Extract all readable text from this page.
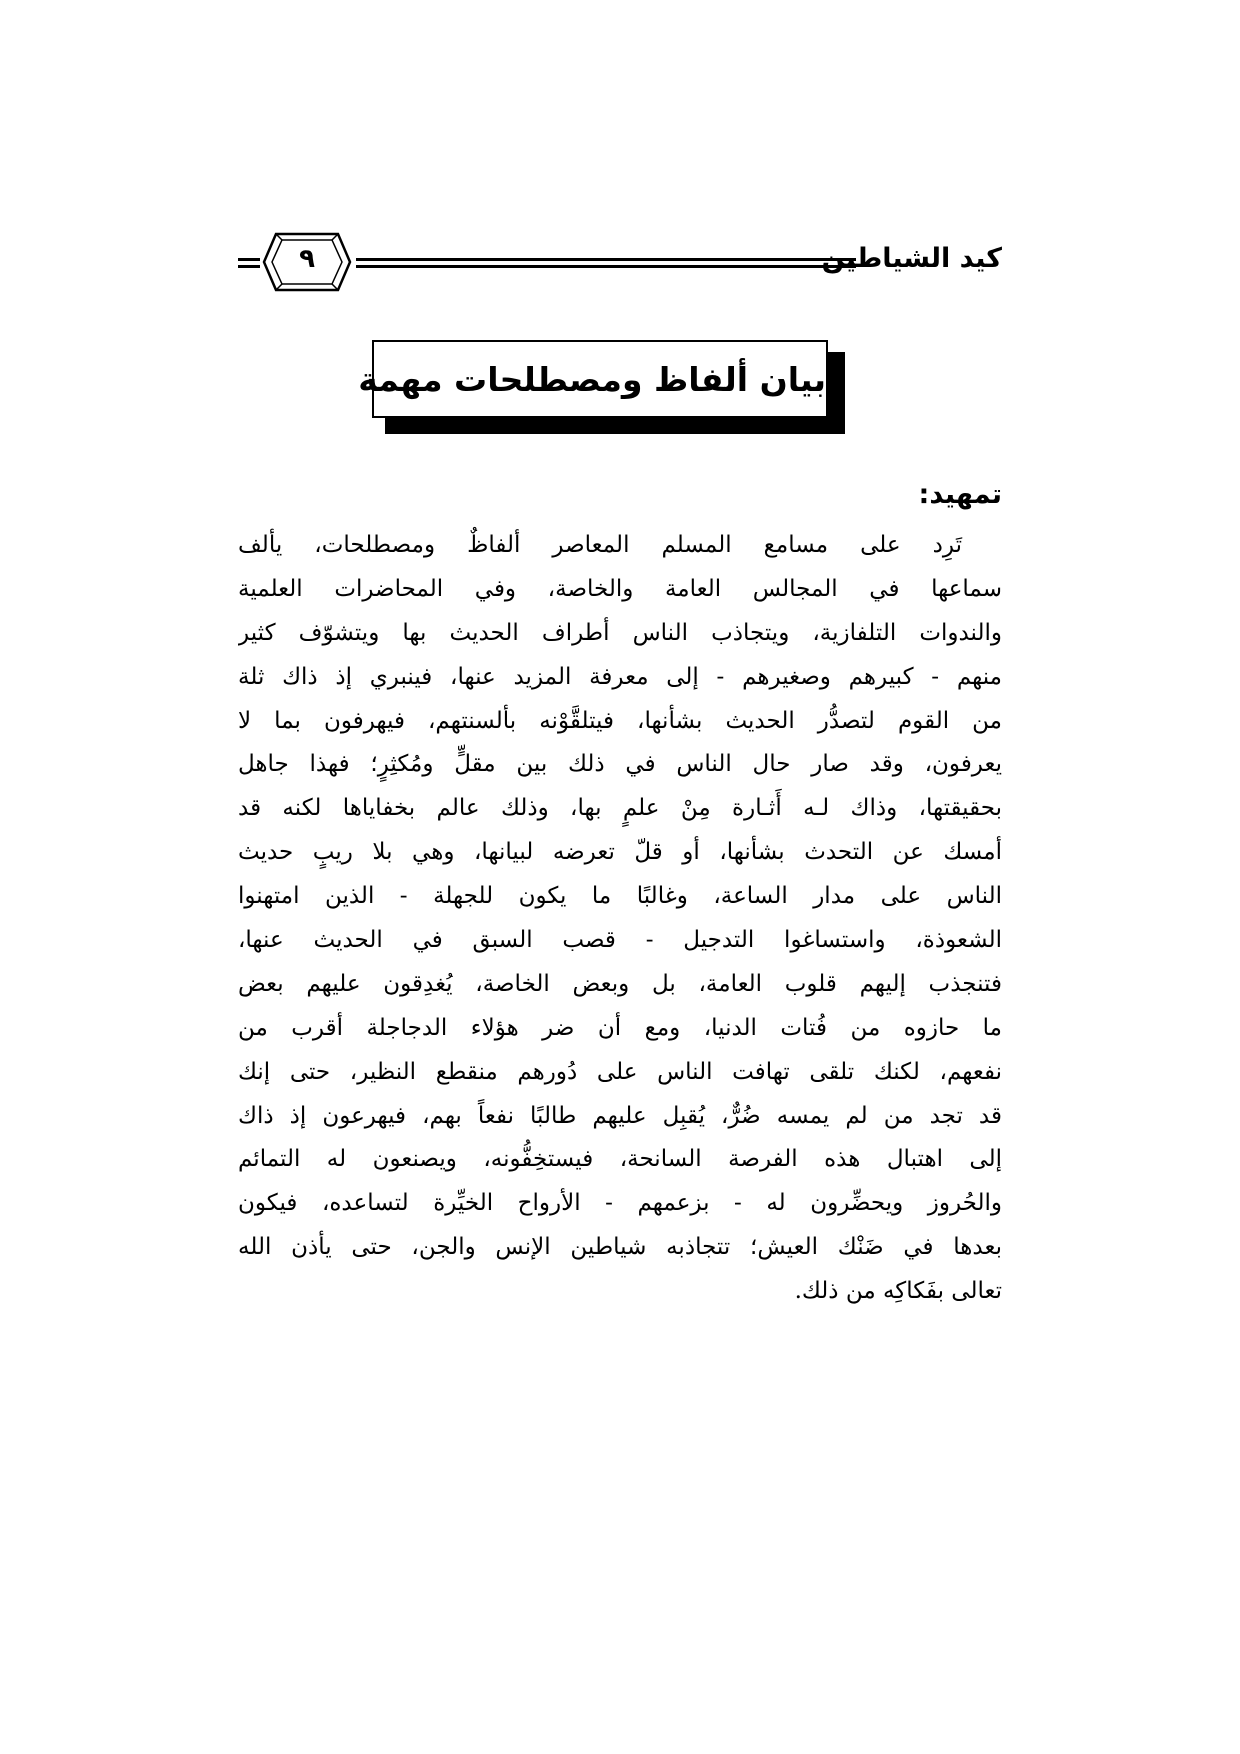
كيد الشياطين
٩
بيان ألفاظ ومصطلحات مهمة
تمهيد:
تَرِد على مسامع المسلم المعاصر ألفاظٌ ومصطلحات، يألف
سماعها في المجالس العامة والخاصة، وفي المحاضرات العلمية
والندوات التلفازية، ويتجاذب الناس أطراف الحديث بها ويتشوّف كثير
منهم - كبيرهم وصغيرهم - إلى معرفة المزيد عنها، فينبري إذ ذاك ثلة
من القوم لتصدُّر الحديث بشأنها، فيتلقَّوْنه بألسنتهم، فيهرفون بما لا
يعرفون، وقد صار حال الناس في ذلك بين مقلٍّ ومُكثِرٍ؛ فهذا جاهل
بحقيقتها، وذاك لـه أَثـارة مِنْ علمٍ بها، وذلك عالم بخفاياها لكنه قد
أمسك عن التحدث بشأنها، أو قلّ تعرضه لبيانها، وهي بلا ريبٍ حديث
الناس على مدار الساعة، وغالبًا ما يكون للجهلة - الذين امتهنوا
الشعوذة، واستساغوا التدجيل - قصب السبق في الحديث عنها،
فتنجذب إليهم قلوب العامة، بل وبعض الخاصة، يُغدِقون عليهم بعض
ما حازوه من فُتات الدنيا، ومع أن ضر هؤلاء الدجاجلة أقرب من
نفعهم، لكنك تلقى تهافت الناس على دُورهم منقطع النظير، حتى إنك
قد تجد من لم يمسه ضُرٌّ، يُقبِل عليهم طالبًا نفعاً بهم، فيهرعون إذ ذاك
إلى اهتبال هذه الفرصة السانحة، فيستخِفُّونه، ويصنعون له التمائم
والحُروز ويحضِّرون له - بزعمهم - الأرواح الخيِّرة لتساعده، فيكون
بعدها في ضَنْك العيش؛ تتجاذبه شياطين الإنس والجن، حتى يأذن الله
تعالى بفَكاكِه من ذلك.
